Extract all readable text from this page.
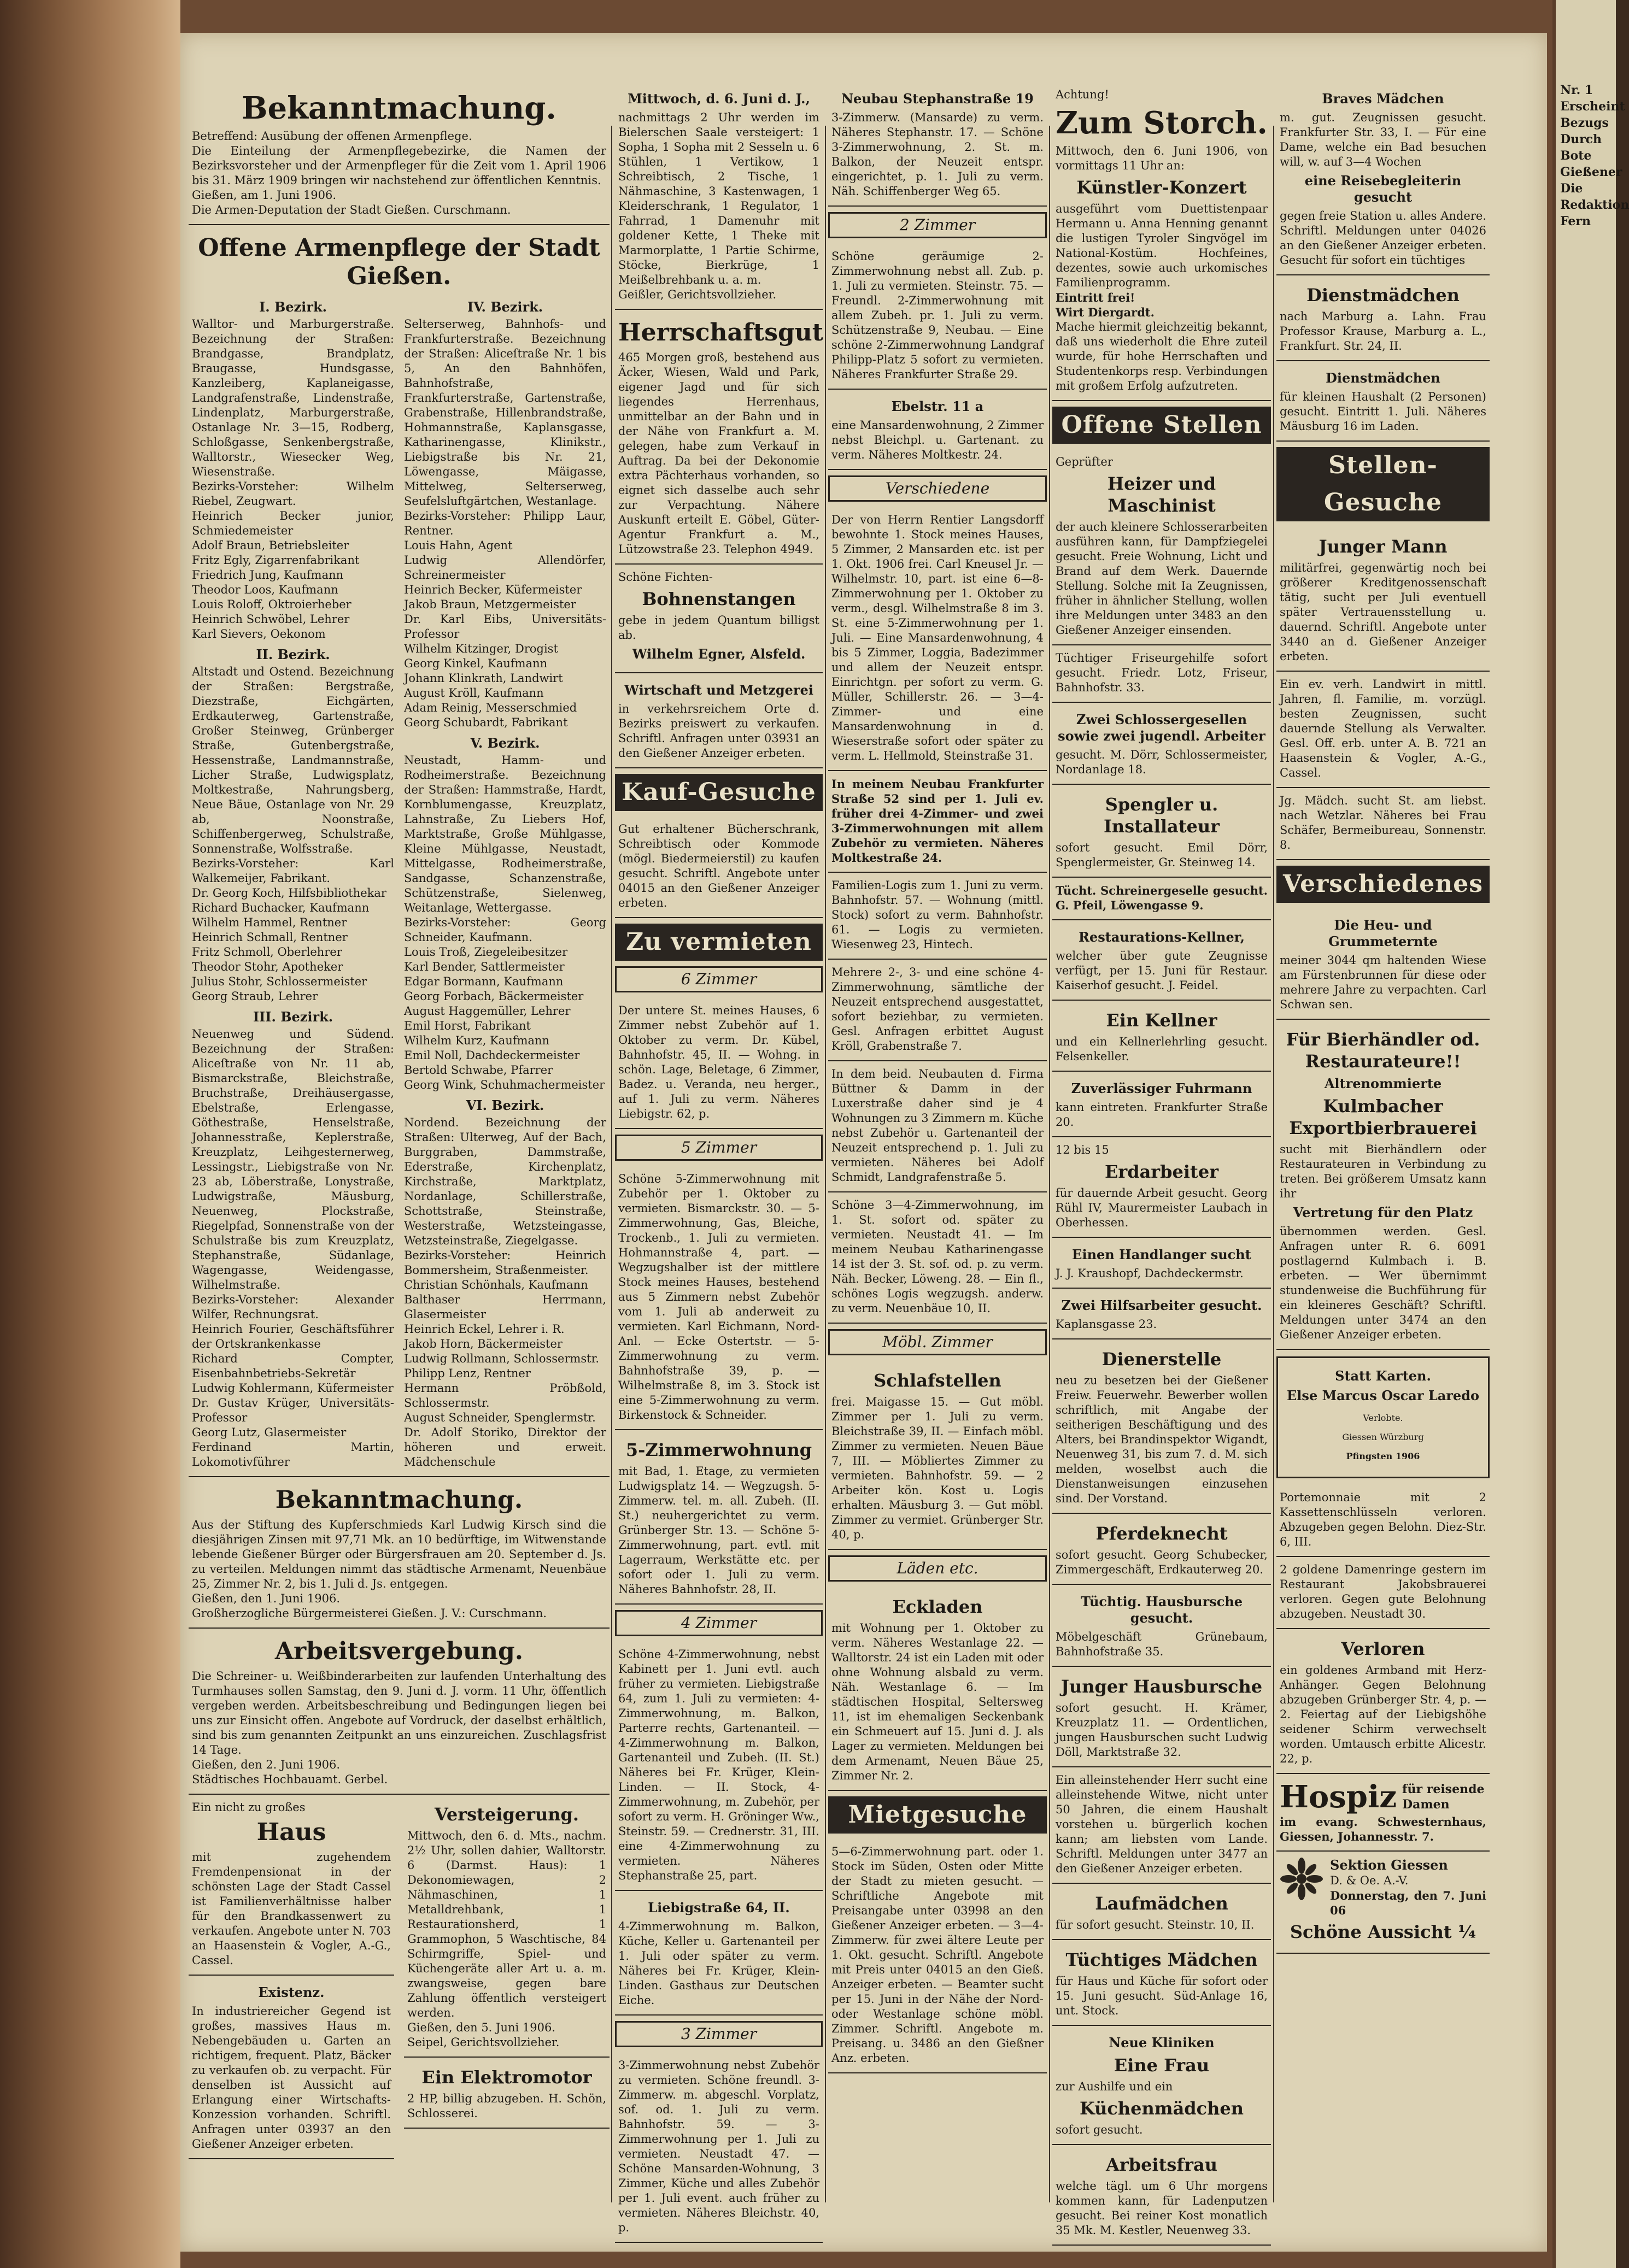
Bekanntmachung.

Betreffend: Ausübung der offenen Armenpflege.

Die Einteilung der Armenpflegebezirke, die Namen der Bezirksvorsteher und der Armenpfleger für die Zeit vom 1. April 1906 bis 31. März 1909 bringen wir nachstehend zur öffentlichen Kenntnis.

Gießen, am 1. Juni 1906.

Die Armen-Deputation der Stadt Gießen. Curschmann.

Offene Armenpflege der Stadt Gießen.
I. Bezirk.

Walltor- und Marburgerstraße. Bezeichnung der Straßen: Brandgasse, Brandplatz, Braugasse, Hundsgasse, Kanzleiberg, Kaplaneigasse, Landgrafenstraße, Lindenstraße, Lindenplatz, Marburgerstraße, Ostanlage Nr. 3—15, Rodberg, Schloßgasse, Senkenbergstraße, Walltorstr., Wiesecker Weg, Wiesenstraße.

Bezirks-Vorsteher: Wilhelm Riebel, Zeugwart.

Heinrich Becker junior, Schmiedemeister

Adolf Braun, Betriebsleiter

Fritz Egly, Zigarrenfabrikant

Friedrich Jung, Kaufmann

Theodor Loos, Kaufmann

Louis Roloff, Oktroierheber

Heinrich Schwöbel, Lehrer

Karl Sievers, Oekonom

II. Bezirk.

Altstadt und Ostend. Bezeichnung der Straßen: Bergstraße, Diezstraße, Eichgärten, Erdkauterweg, Gartenstraße, Großer Steinweg, Grünberger Straße, Gutenbergstraße, Hessenstraße, Landmannstraße, Licher Straße, Ludwigsplatz, Moltkestraße, Nahrungsberg, Neue Bäue, Ostanlage von Nr. 29 ab, Noonstraße, Schiffenbergerweg, Schulstraße, Sonnenstraße, Wolfsstraße.

Bezirks-Vorsteher: Karl Walkemeijer, Fabrikant.

Dr. Georg Koch, Hilfsbibliothekar

Richard Buchacker, Kaufmann

Wilhelm Hammel, Rentner

Heinrich Schmall, Rentner

Fritz Schmoll, Oberlehrer

Theodor Stohr, Apotheker

Julius Stohr, Schlossermeister

Georg Straub, Lehrer

III. Bezirk.

Neuenweg und Südend. Bezeichnung der Straßen: Aliceſtraße von Nr. 11 ab, Bismarckstraße, Bleichstraße, Bruchstraße, Dreihäusergasse, Ebelstraße, Erlengasse, Göthestraße, Henselstraße, Johannesstraße, Keplerstraße, Kreuzplatz, Leihgesternerweg, Lessingstr., Liebigstraße von Nr. 23 ab, Löberstraße, Lonystraße, Ludwigstraße, Mäusburg, Neuenweg, Plockstraße, Riegelpfad, Sonnenstraße von der Schulstraße bis zum Kreuzplatz, Stephanstraße, Südanlage, Wagengasse, Weidengasse, Wilhelmstraße.

Bezirks-Vorsteher: Alexander Wilfer, Rechnungsrat.

Heinrich Fourier, Geschäftsführer der Ortskrankenkasse

Richard Compter, Eisenbahnbetriebs-Sekretär

Ludwig Kohlermann, Küfermeister

Dr. Gustav Krüger, Universitäts-Professor

Georg Lutz, Glasermeister

Ferdinand Martin, Lokomotivführer

IV. Bezirk.

Selterserweg, Bahnhofs- und Frankfurterstraße. Bezeichnung der Straßen: Aliceſtraße Nr. 1 bis 5, An den Bahnhöfen, Bahnhofstraße, Frankfurterstraße, Gartenstraße, Grabenstraße, Hillenbrandstraße, Hohmannstraße, Kaplansgasse, Katharinengasse, Klinikstr., Liebigstraße bis Nr. 21, Löwengasse, Mäigasse, Mittelweg, Selterserweg, Seufelsluftgärtchen, Westanlage.

Bezirks-Vorsteher: Philipp Laur, Rentner.

Louis Hahn, Agent

Ludwig Allendörfer, Schreinermeister

Heinrich Becker, Küfermeister

Jakob Braun, Metzgermeister

Dr. Karl Eibs, Universitäts-Professor

Wilhelm Kitzinger, Drogist

Georg Kinkel, Kaufmann

Johann Klinkrath, Landwirt

August Kröll, Kaufmann

Adam Reinig, Messerschmied

Georg Schubardt, Fabrikant

V. Bezirk.

Neustadt, Hamm- und Rodheimerstraße. Bezeichnung der Straßen: Hammstraße, Hardt, Kornblumengasse, Kreuzplatz, Lahnstraße, Zu Liebers Hof, Marktstraße, Große Mühlgasse, Kleine Mühlgasse, Neustadt, Mittelgasse, Rodheimerstraße, Sandgasse, Schanzenstraße, Schützenstraße, Sielenweg, Weitanlage, Wettergasse.

Bezirks-Vorsteher: Georg Schneider, Kaufmann.

Louis Troß, Ziegeleibesitzer

Karl Bender, Sattlermeister

Edgar Bormann, Kaufmann

Georg Forbach, Bäckermeister

August Haggemüller, Lehrer

Emil Horst, Fabrikant

Wilhelm Kurz, Kaufmann

Emil Noll, Dachdeckermeister

Bertold Schwabe, Pfarrer

Georg Wink, Schuhmachermeister

VI. Bezirk.

Nordend. Bezeichnung der Straßen: Ulterweg, Auf der Bach, Burggraben, Dammstraße, Ederstraße, Kirchenplatz, Kirchstraße, Marktplatz, Nordanlage, Schillerstraße, Schottstraße, Steinstraße, Westerstraße, Wetzsteingasse, Wetzsteinstraße, Ziegelgasse.

Bezirks-Vorsteher: Heinrich Bommersheim, Straßenmeister.

Christian Schönhals, Kaufmann

Balthaser Herrmann, Glasermeister

Heinrich Eckel, Lehrer i. R.

Jakob Horn, Bäckermeister

Ludwig Rollmann, Schlossermstr.

Philipp Lenz, Rentner

Hermann Pröbßold, Schlossermstr.

August Schneider, Spenglermstr.

Dr. Adolf Storiko, Direktor der höheren und erweit. Mädchenschule

Bekanntmachung.

Aus der Stiftung des Kupferschmieds Karl Ludwig Kirsch sind die diesjährigen Zinsen mit 97,71 Mk. an 10 bedürftige, im Witwenstande lebende Gießener Bürger oder Bürgersfrauen am 20. September d. Js. zu verteilen. Meldungen nimmt das städtische Armenamt, Neuenbäue 25, Zimmer Nr. 2, bis 1. Juli d. Js. entgegen.

Gießen, den 1. Juni 1906.

Großherzogliche Bürgermeisterei Gießen. J. V.: Curschmann.

Arbeitsvergebung.

Die Schreiner- u. Weißbinderarbeiten zur laufenden Unterhaltung des Turmhauses sollen Samstag, den 9. Juni d. J. vorm. 11 Uhr, öffentlich vergeben werden. Arbeitsbeschreibung und Bedingungen liegen bei uns zur Einsicht offen. Angebote auf Vordruck, der daselbst erhältlich, sind bis zum genannten Zeitpunkt an uns einzureichen. Zuschlagsfrist 14 Tage.

Gießen, den 2. Juni 1906.

Städtisches Hochbauamt. Gerbel.

Ein nicht zu großes

Haus

mit zugehendem Fremdenpensionat in der schönsten Lage der Stadt Cassel ist Familienverhältnisse halber für den Brandkassenwert zu verkaufen. Angebote unter N. 703 an Haasenstein & Vogler, A.-G., Cassel.

Existenz.

In industriereicher Gegend ist großes, massives Haus m. Nebengebäuden u. Garten an richtigem, frequent. Platz, Bäcker zu verkaufen ob. zu verpacht. Für denselben ist Aussicht auf Erlangung einer Wirtschafts-Konzession vorhanden. Schriftl. Anfragen unter 03937 an den Gießener Anzeiger erbeten.

Versteigerung.

Mittwoch, den 6. d. Mts., nachm. 2½ Uhr, sollen dahier, Walltorstr. 6 (Darmst. Haus): 1 Dekonomiewagen, 2 Nähmaschinen, 1 Metalldrehbank, 1 Restaurationsherd, 1 Grammophon, 5 Waschtische, 84 Schirmgriffe, Spiel- und Küchengeräte aller Art u. a. m. zwangsweise, gegen bare Zahlung öffentlich versteigert werden.

Gießen, den 5. Juni 1906.

Seipel, Gerichtsvollzieher.

Ein Elektromotor

2 HP, billig abzugeben. H. Schön, Schlosserei.

Mittwoch, d. 6. Juni d. J.,

nachmittags 2 Uhr werden im Bielerschen Saale versteigert: 1 Sopha, 1 Sopha mit 2 Sesseln u. 6 Stühlen, 1 Vertikow, 1 Schreibtisch, 2 Tische, 1 Nähmaschine, 3 Kastenwagen, 1 Kleiderschrank, 1 Regulator, 1 Fahrrad, 1 Damenuhr mit goldener Kette, 1 Theke mit Marmorplatte, 1 Partie Schirme, Stöcke, Bierkrüge, 1 Meißelbrehbank u. a. m.

Geißler, Gerichtsvollzieher.

Herrschaftsgut

465 Morgen groß, bestehend aus Äcker, Wiesen, Wald und Park, eigener Jagd und für sich liegendes Herrenhaus, unmittelbar an der Bahn und in der Nähe von Frankfurt a. M. gelegen, habe zum Verkauf in Auftrag. Da bei der Dekonomie extra Pächterhaus vorhanden, so eignet sich dasselbe auch sehr zur Verpachtung. Nähere Auskunft erteilt E. Göbel, Güter-Agentur Frankfurt a. M., Lützowstraße 23. Telephon 4949.

Schöne Fichten-

Bohnenstangen

gebe in jedem Quantum billigst ab.

Wilhelm Egner, Alsfeld.
Wirtschaft und Metzgerei

in verkehrsreichem Orte d. Bezirks preiswert zu verkaufen. Schriftl. Anfragen unter 03931 an den Gießener Anzeiger erbeten.

Kauf-Gesuche

Gut erhaltener Bücherschrank, Schreibtisch oder Kommode (mögl. Biedermeierstil) zu kaufen gesucht. Schriftl. Angebote unter 04015 an den Gießener Anzeiger erbeten.

Zu vermieten
6 Zimmer

Der untere St. meines Hauses, 6 Zimmer nebst Zubehör auf 1. Oktober zu verm. Dr. Kübel, Bahnhofstr. 45, II. — Wohng. in schön. Lage, Beletage, 6 Zimmer, Badez. u. Veranda, neu herger., auf 1. Juli zu verm. Näheres Liebigstr. 62, p.

5 Zimmer

Schöne 5-Zimmerwohnung mit Zubehör per 1. Oktober zu vermieten. Bismarckstr. 30. — 5-Zimmerwohnung, Gas, Bleiche, Trockenb., 1. Juli zu vermieten. Hohmannstraße 4, part. — Wegzugshalber ist der mittlere Stock meines Hauses, bestehend aus 5 Zimmern nebst Zubehör vom 1. Juli ab anderweit zu vermieten. Karl Eichmann, Nord-Anl. — Ecke Ostertstr. — 5-Zimmerwohnung zu verm. Bahnhofstraße 39, p. — Wilhelmstraße 8, im 3. Stock ist eine 5-Zimmerwohnung zu verm. Birkenstock & Schneider.

5-Zimmerwohnung

mit Bad, 1. Etage, zu vermieten Ludwigsplatz 14. — Wegzugsh. 5-Zimmerw. tel. m. all. Zubeh. (II. St.) neuhergerichtet zu verm. Grünberger Str. 13. — Schöne 5-Zimmerwohnung, part. evtl. mit Lagerraum, Werkstätte etc. per sofort oder 1. Juli zu verm. Näheres Bahnhofstr. 28, II.

4 Zimmer

Schöne 4-Zimmerwohnung, nebst Kabinett per 1. Juni evtl. auch früher zu vermieten. Liebigstraße 64, zum 1. Juli zu vermieten: 4-Zimmerwohnung, m. Balkon, Parterre rechts, Gartenanteil. — 4-Zimmerwohnung m. Balkon, Gartenanteil und Zubeh. (II. St.) Näheres bei Fr. Krüger, Klein-Linden. — II. Stock, 4-Zimmerwohnung, m. Zubehör, per sofort zu verm. H. Gröninger Ww., Steinstr. 59. — Crednerstr. 31, III. eine 4-Zimmerwohnung zu vermieten. Näheres Stephanstraße 25, part.

Liebigstraße 64, II.

4-Zimmerwohnung m. Balkon, Küche, Keller u. Gartenanteil per 1. Juli oder später zu verm. Näheres bei Fr. Krüger, Klein-Linden. Gasthaus zur Deutschen Eiche.

3 Zimmer

3-Zimmerwohnung nebst Zubehör zu vermieten. Schöne freundl. 3-Zimmerw. m. abgeschl. Vorplatz, sof. od. 1. Juli zu verm. Bahnhofstr. 59. — 3-Zimmerwohnung per 1. Juli zu vermieten. Neustadt 47. — Schöne Mansarden-Wohnung, 3 Zimmer, Küche und alles Zubehör per 1. Juli event. auch früher zu vermieten. Näheres Bleichstr. 40, p.

Neubau Stephanstraße 19

3-Zimmerw. (Mansarde) zu verm. Näheres Stephanstr. 17. — Schöne 3-Zimmerwohnung, 2. St. m. Balkon, der Neuzeit entspr. eingerichtet, p. 1. Juli zu verm. Näh. Schiffenberger Weg 65.

2 Zimmer

Schöne geräumige 2-Zimmerwohnung nebst all. Zub. p. 1. Juli zu vermieten. Steinstr. 75. — Freundl. 2-Zimmerwohnung mit allem Zubeh. pr. 1. Juli zu verm. Schützenstraße 9, Neubau. — Eine schöne 2-Zimmerwohnung Landgraf Philipp-Platz 5 sofort zu vermieten. Näheres Frankfurter Straße 29.

Ebelstr. 11 a

eine Mansardenwohnung, 2 Zimmer nebst Bleichpl. u. Gartenant. zu verm. Näheres Moltkestr. 24.

Verschiedene

Der von Herrn Rentier Langsdorff bewohnte 1. Stock meines Hauses, 5 Zimmer, 2 Mansarden etc. ist per 1. Okt. 1906 frei. Carl Kneusel Jr. — Wilhelmstr. 10, part. ist eine 6—8-Zimmerwohnung per 1. Oktober zu verm., desgl. Wilhelmstraße 8 im 3. St. eine 5-Zimmerwohnung per 1. Juli. — Eine Mansardenwohnung, 4 bis 5 Zimmer, Loggia, Badezimmer und allem der Neuzeit entspr. Einrichtgn. per sofort zu verm. G. Müller, Schillerstr. 26. — 3—4-Zimmer- und eine Mansardenwohnung in d. Wieserstraße sofort oder später zu verm. L. Hellmold, Steinstraße 31.

In meinem Neubau Frankfurter Straße 52 sind per 1. Juli ev. früher drei 4-Zimmer- und zwei 3-Zimmerwohnungen mit allem Zubehör zu vermieten. Näheres Moltkestraße 24.

Familien-Logis zum 1. Juni zu verm. Bahnhofstr. 57. — Wohnung (mittl. Stock) sofort zu verm. Bahnhofstr. 61. — Logis zu vermieten. Wiesenweg 23, Hintech.

Mehrere 2-, 3- und eine schöne 4-Zimmerwohnung, sämtliche der Neuzeit entsprechend ausgestattet, sofort beziehbar, zu vermieten. Gesl. Anfragen erbittet August Kröll, Grabenstraße 7.

In dem beid. Neubauten d. Firma Büttner & Damm in der Luxerstraße daher sind je 4 Wohnungen zu 3 Zimmern m. Küche nebst Zubehör u. Gartenanteil der Neuzeit entsprechend p. 1. Juli zu vermieten. Näheres bei Adolf Schmidt, Landgrafenstraße 5.

Schöne 3—4-Zimmerwohnung, im 1. St. sofort od. später zu vermieten. Neustadt 41. — Im meinem Neubau Katharinengasse 14 ist der 3. St. sof. od. p. zu verm. Näh. Becker, Löweng. 28. — Ein fl., schönes Logis wegzugsh. anderw. zu verm. Neuenbäue 10, II.

Möbl. Zimmer
Schlafstellen

frei. Maigasse 15. — Gut möbl. Zimmer per 1. Juli zu verm. Bleichstraße 39, II. — Einfach möbl. Zimmer zu vermieten. Neuen Bäue 7, III. — Möbliertes Zimmer zu vermieten. Bahnhofstr. 59. — 2 Arbeiter kön. Kost u. Logis erhalten. Mäusburg 3. — Gut möbl. Zimmer zu vermiet. Grünberger Str. 40, p.

Läden etc.
Eckladen

mit Wohnung per 1. Oktober zu verm. Näheres Westanlage 22. — Walltorstr. 24 ist ein Laden mit oder ohne Wohnung alsbald zu verm. Näh. Westanlage 6. — Im städtischen Hospital, Seltersweg 11, ist im ehemaligen Seckenbank ein Schmeuert auf 15. Juni d. J. als Lager zu vermieten. Meldungen bei dem Armenamt, Neuen Bäue 25, Zimmer Nr. 2.

Mietgesuche

5—6-Zimmerwohnung part. oder 1. Stock im Süden, Osten oder Mitte der Stadt zu mieten gesucht. — Schriftliche Angebote mit Preisangabe unter 03998 an den Gießener Anzeiger erbeten. — 3—4-Zimmerw. für zwei ältere Leute per 1. Okt. gesucht. Schriftl. Angebote mit Preis unter 04015 an den Gieß. Anzeiger erbeten. — Beamter sucht per 15. Juni in der Nähe der Nord- oder Westanlage schöne möbl. Zimmer. Schriftl. Angebote m. Preisang. u. 3486 an den Gießner Anz. erbeten.

Achtung!

Zum Storch.

Mittwoch, den 6. Juni 1906, von vormittags 11 Uhr an:

Künstler-Konzert

ausgeführt vom Duettistenpaar Hermann u. Anna Henning genannt die lustigen Tyroler Singvögel im National-Kostüm. Hochfeines, dezentes, sowie auch urkomisches Familienprogramm.

Eintritt frei!

Wirt Diergardt.

Mache hiermit gleichzeitig bekannt, daß uns wiederholt die Ehre zuteil wurde, für hohe Herrschaften und Studentenkorps resp. Verbindungen mit großem Erfolg aufzutreten.

Offene Stellen

Geprüfter

Heizer und Maschinist

der auch kleinere Schlosserarbeiten ausführen kann, für Dampfziegelei gesucht. Freie Wohnung, Licht und Brand auf dem Werk. Dauernde Stellung. Solche mit Ia Zeugnissen, früher in ähnlicher Stellung, wollen ihre Meldungen unter 3483 an den Gießener Anzeiger einsenden.

Tüchtiger Friseurgehilfe sofort gesucht. Friedr. Lotz, Friseur, Bahnhofstr. 33.

Zwei Schlossergesellen sowie zwei jugendl. Arbeiter

gesucht. M. Dörr, Schlossermeister, Nordanlage 18.

Spengler u. Installateur

sofort gesucht. Emil Dörr, Spenglermeister, Gr. Steinweg 14.

Tücht. Schreinergeselle gesucht. G. Pfeil, Löwengasse 9.

Restaurations-Kellner,

welcher über gute Zeugnisse verfügt, per 15. Juni für Restaur. Kaiserhof gesucht. J. Feidel.

Ein Kellner

und ein Kellnerlehrling gesucht. Felsenkeller.

Zuverlässiger Fuhrmann

kann eintreten. Frankfurter Straße 20.

12 bis 15

Erdarbeiter

für dauernde Arbeit gesucht. Georg Rühl IV, Maurermeister Laubach in Oberhessen.

Einen Handlanger sucht

J. J. Kraushopf, Dachdeckermstr.

Zwei Hilfsarbeiter gesucht.

Kaplansgasse 23.

Dienerstelle

neu zu besetzen bei der Gießener Freiw. Feuerwehr. Bewerber wollen schriftlich, mit Angabe der seitherigen Beschäftigung und des Alters, bei Brandinspektor Wigandt, Neuenweg 31, bis zum 7. d. M. sich melden, woselbst auch die Dienstanweisungen einzusehen sind. Der Vorstand.

Pferdeknecht

sofort gesucht. Georg Schubecker, Zimmergeschäft, Erdkauterweg 20.

Tüchtig. Hausbursche gesucht.

Möbelgeschäft Grünebaum, Bahnhofstraße 35.

Junger Hausbursche

sofort gesucht. H. Krämer, Kreuzplatz 11. — Ordentlichen, jungen Hausburschen sucht Ludwig Döll, Marktstraße 32.

Ein alleinstehender Herr sucht eine alleinstehende Witwe, nicht unter 50 Jahren, die einem Haushalt vorstehen u. bürgerlich kochen kann; am liebsten vom Lande. Schriftl. Meldungen unter 3477 an den Gießener Anzeiger erbeten.

Laufmädchen

für sofort gesucht. Steinstr. 10, II.

Tüchtiges Mädchen

für Haus und Küche für sofort oder 15. Juni gesucht. Süd-Anlage 16, unt. Stock.

Neue Kliniken
Eine Frau

zur Aushilfe und ein

Küchenmädchen

sofort gesucht.

Arbeitsfrau

welche tägl. um 6 Uhr morgens kommen kann, für Ladenputzen gesucht. Bei reiner Kost monatlich 35 Mk. M. Kestler, Neuenweg 33.

Braves Mädchen

m. gut. Zeugnissen gesucht. Frankfurter Str. 33, I. — Für eine Dame, welche ein Bad besuchen will, w. auf 3—4 Wochen

eine Reisebegleiterin gesucht

gegen freie Station u. alles Andere. Schriftl. Meldungen unter 04026 an den Gießener Anzeiger erbeten. Gesucht für sofort ein tüchtiges

Dienstmädchen

nach Marburg a. Lahn. Frau Professor Krause, Marburg a. L., Frankfurt. Str. 24, II.

Dienstmädchen

für kleinen Haushalt (2 Personen) gesucht. Eintritt 1. Juli. Näheres Mäusburg 16 im Laden.

Stellen-Gesuche
Junger Mann

militärfrei, gegenwärtig noch bei größerer Kreditgenossenschaft tätig, sucht per Juli eventuell später Vertrauensstellung u. dauernd. Schriftl. Angebote unter 3440 an d. Gießener Anzeiger erbeten.

Ein ev. verh. Landwirt in mittl. Jahren, fl. Familie, m. vorzügl. besten Zeugnissen, sucht dauernde Stellung als Verwalter. Gesl. Off. erb. unter A. B. 721 an Haasenstein & Vogler, A.-G., Cassel.

Jg. Mädch. sucht St. am liebst. nach Wetzlar. Näheres bei Frau Schäfer, Bermeibureau, Sonnenstr. 8.

Verschiedenes
Die Heu- und Grummeternte

meiner 3044 qm haltenden Wiese am Fürstenbrunnen für diese oder mehrere Jahre zu verpachten. Carl Schwan sen.

Für Bierhändler od. Restaurateure!!
Altrenommierte
Kulmbacher Exportbierbrauerei

sucht mit Bierhändlern oder Restaurateuren in Verbindung zu treten. Bei größerem Umsatz kann ihr

Vertretung für den Platz

übernommen werden. Gesl. Anfragen unter R. 6. 6091 postlagernd Kulmbach i. B. erbeten. — Wer übernimmt stundenweise die Buchführung für ein kleineres Geschäft? Schriftl. Meldungen unter 3474 an den Gießener Anzeiger erbeten.

Statt Karten.
Else Marcus Oscar Laredo

Verlobte.

Giessen Würzburg

Pfingsten 1906

Portemonnaie mit 2 Kassettenschlüsseln verloren. Abzugeben gegen Belohn. Diez-Str. 6, III.

2 goldene Damenringe gestern im Restaurant Jakobsbrauerei verloren. Gegen gute Belohnung abzugeben. Neustadt 30.

Verloren

ein goldenes Armband mit Herz-Anhänger. Gegen Belohnung abzugeben Grünberger Str. 4, p. — 2. Feiertag auf der Liebigshöhe seidener Schirm verwechselt worden. Umtausch erbitte Alicestr. 22, p.

Hospiz für reisende Damen

im evang. Schwesternhaus, Giessen, Johannesstr. 7.

Sektion Giessen

D. & Oe. A.-V.

Donnerstag, den 7. Juni 06

Schöne Aussicht ¼

Nr. 1 Erscheint Bezugs Durch Bote Gießener Die Redaktion Fern
